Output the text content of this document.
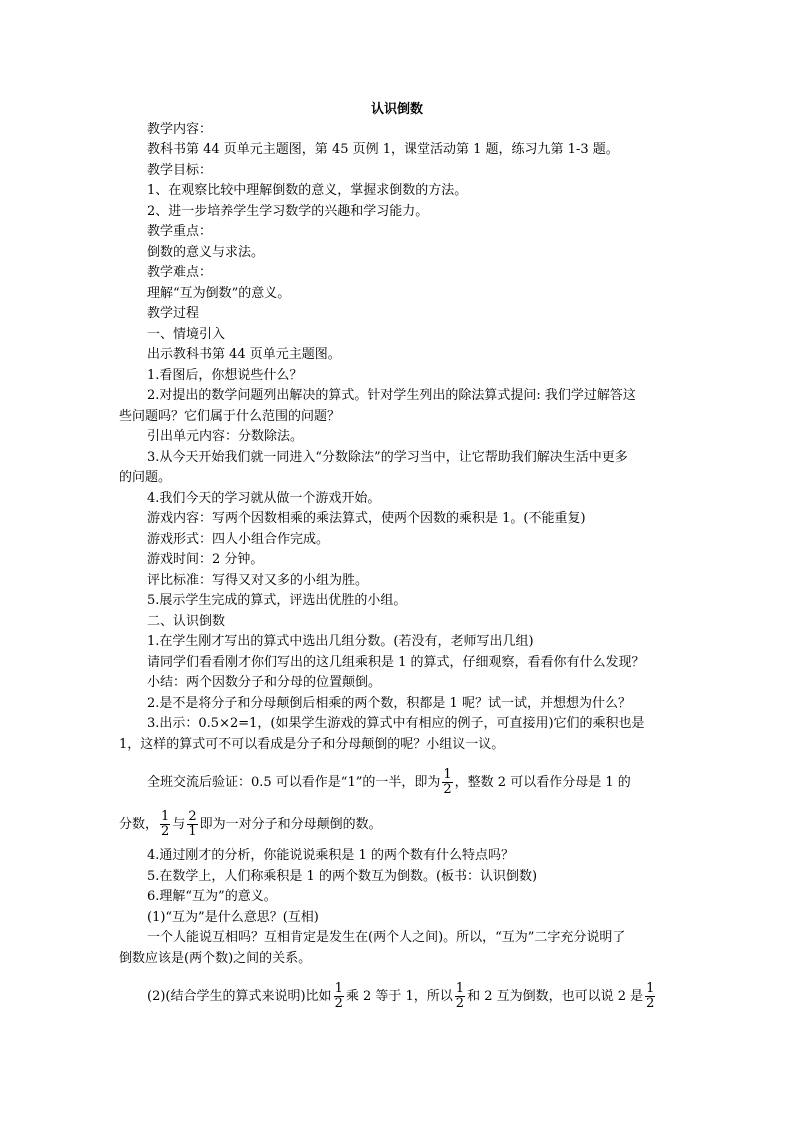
认识倒数
教学内容：
教科书第 44 页单元主题图，第 45 页例 1，课堂活动第 1 题，练习九第 1-3 题。
教学目标：
1、在观察比较中理解倒数的意义，掌握求倒数的方法。
2、进一步培养学生学习数学的兴趣和学习能力。
教学重点：
倒数的意义与求法。
教学难点：
理解“互为倒数”的意义。
教学过程
一、情境引入
出示教科书第 44 页单元主题图。
1.看图后，你想说些什么？
2.对提出的数学问题列出解决的算式。针对学生列出的除法算式提问: 我们学过解答这
些问题吗？它们属于什么范围的问题？
引出单元内容：分数除法。
3.从今天开始我们就一同进入“分数除法”的学习当中，让它帮助我们解决生活中更多
的问题。
4.我们今天的学习就从做一个游戏开始。
游戏内容：写两个因数相乘的乘法算式，使两个因数的乘积是 1。(不能重复)
游戏形式：四人小组合作完成。
游戏时间：2 分钟。
评比标准：写得又对又多的小组为胜。
5.展示学生完成的算式，评选出优胜的小组。
二、认识倒数
1.在学生刚才写出的算式中选出几组分数。(若没有，老师写出几组)
请同学们看看刚才你们写出的这几组乘积是 1 的算式，仔细观察，看看你有什么发现？
小结：两个因数分子和分母的位置颠倒。
2.是不是将分子和分母颠倒后相乘的两个数，积都是 1 呢？试一试，并想想为什么？
3.出示：0.5×2=1，(如果学生游戏的算式中有相应的例子，可直接用)它们的乘积也是
1，这样的算式可不可以看成是分子和分母颠倒的呢？小组议一议。
全班交流后验证：0.5 可以看作是“1”的一半，即为 $\frac{1}{2}$ ，整数 2 可以看作分母是 1 的
分数， $\frac{1}{2}$ 与 $\frac{2}{1}$ 即为一对分子和分母颠倒的数。
4.通过刚才的分析，你能说说乘积是 1 的两个数有什么特点吗？
5.在数学上，人们称乘积是 1 的两个数互为倒数。(板书：认识倒数)
6.理解“互为”的意义。
(1)“互为”是什么意思？(互相)
一个人能说互相吗？互相肯定是发生在(两个人之间)。所以，“互为”二字充分说明了
倒数应该是(两个数)之间的关系。
(2)(结合学生的算式来说明)比如 $\frac{1}{2}$ 乘 2 等于 1，所以 $\frac{1}{2}$ 和 2 互为倒数，也可以说 2 是 $\frac{1}{2}$
